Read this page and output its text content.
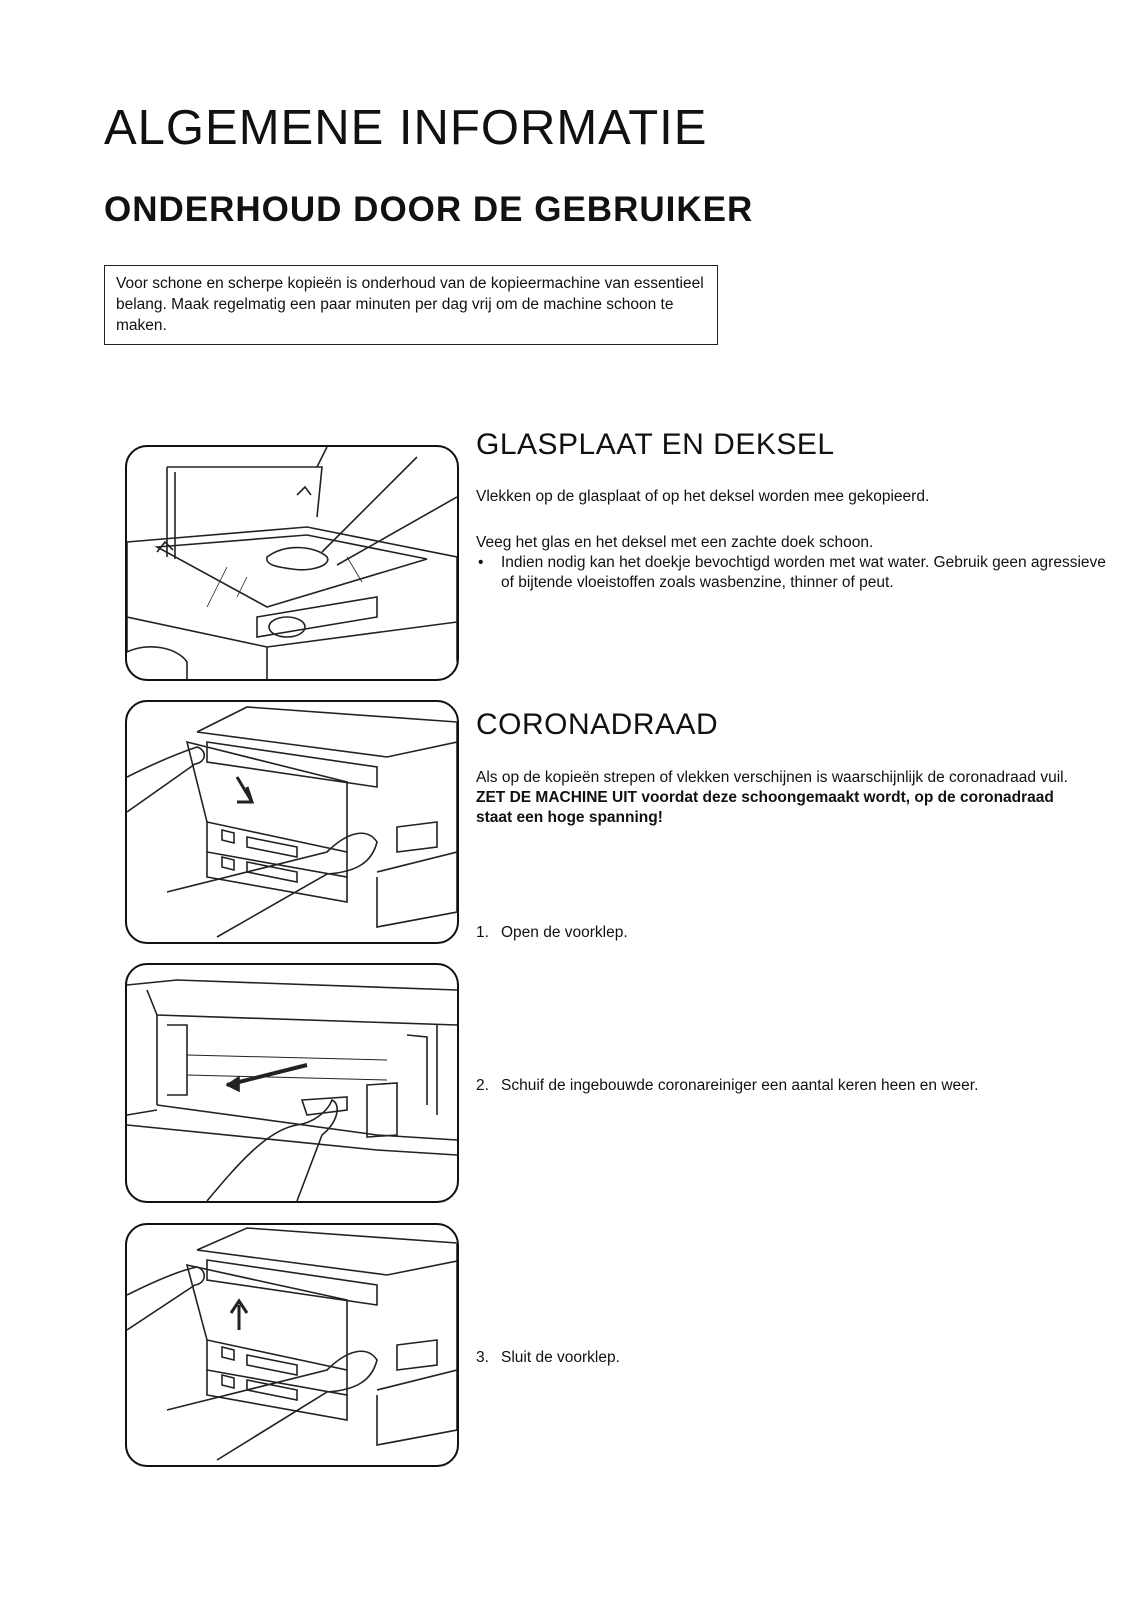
ALGEMENE INFORMATIE
ONDERHOUD DOOR DE GEBRUIKER
Voor schone en scherpe kopieën is onderhoud van de kopieermachine van essentieel belang. Maak regelmatig een paar minuten per dag vrij om de machine schoon te maken.
GLASPLAAT EN DEKSEL

Vlekken op de glasplaat of op het deksel worden mee gekopieerd.

Veeg het glas en het deksel met een zachte doek schoon.

• Indien nodig kan het doekje bevochtigd worden met wat water. Gebruik geen agressieve of bijtende vloeistoffen zoals wasbenzine, thinner of peut.
CORONADRAAD

Als op de kopieën strepen of vlekken verschijnen is waarschijnlijk de coronadraad vuil. ZET DE MACHINE UIT voordat deze schoongemaakt wordt, op de coronadraad staat een hoge spanning!

1. Open de voorklep.
2. Schuif de ingebouwde coronareiniger een aantal keren heen en weer.
3. Sluit de voorklep.
